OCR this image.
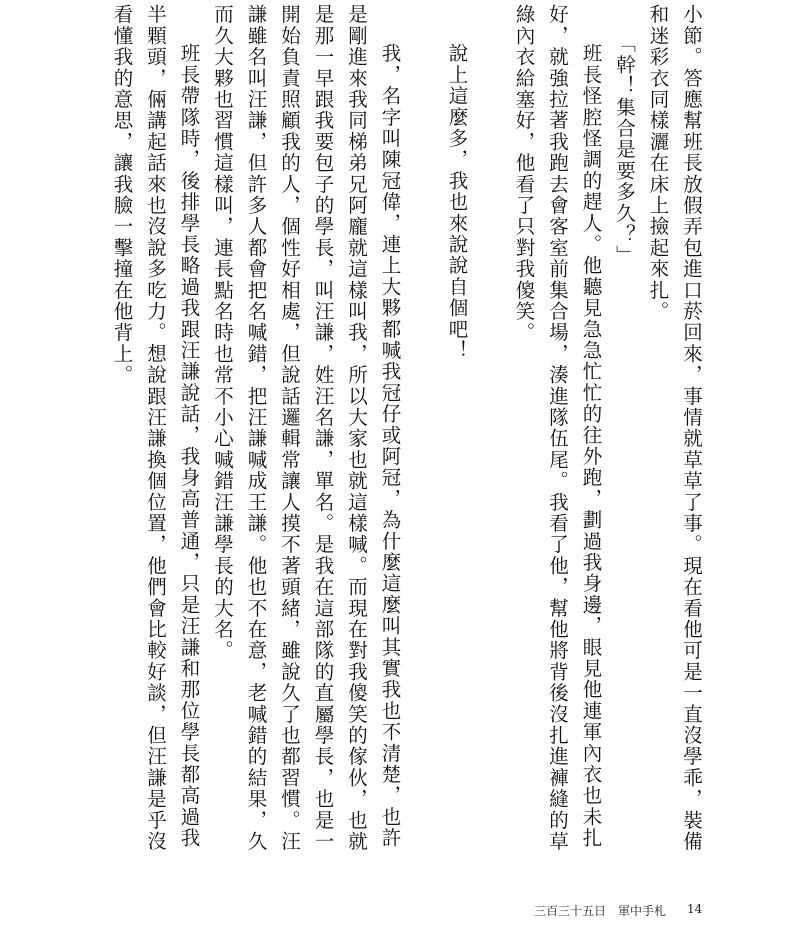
小節。答應幫班長放假弄包進口菸回來，事情就草草了事。現在看他可是一直沒學乖，裝備和迷彩衣同樣灑在床上撿起來扎。

「幹！集合是要多久？」

班長怪腔怪調的趕人。他聽見急急忙忙的往外跑，劃過我身邊，眼見他連軍內衣也未扎好，就強拉著我跑去會客室前集合場，湊進隊伍尾。我看了他，幫他將背後沒扎進褲縫的草綠內衣給塞好，他看了只對我傻笑。

說上這麼多，我也來說說自個吧！

我，名字叫陳冠偉，連上大夥都喊我冠仔或阿冠，為什麼這麼叫其實我也不清楚，也許是剛進來我同梯弟兄阿龐就這樣叫我，所以大家也就這樣喊。而現在對我傻笑的傢伙，也就是那一早跟我要包子的學長，叫汪謙，姓汪名謙，單名。是我在這部隊的直屬學長，也是一開始負責照顧我的人，個性好相處，但說話邏輯常讓人摸不著頭緒，雖說久了也都習慣。汪謙雖名叫汪謙，但許多人都會把名喊錯，把汪謙喊成王謙。他也不在意，老喊錯的結果，久而久大夥也習慣這樣叫，連長點名時也常不小心喊錯汪謙學長的大名。

班長帶隊時，後排學長略過我跟汪謙說話，我身高普通，只是汪謙和那位學長都高過我半顆頭，倆講起話來也沒說多吃力。想說跟汪謙換個位置，他們會比較好談，但汪謙是乎沒看懂我的意思，讓我臉一擊撞在他背上。

三百三十五日　軍中手札 14
